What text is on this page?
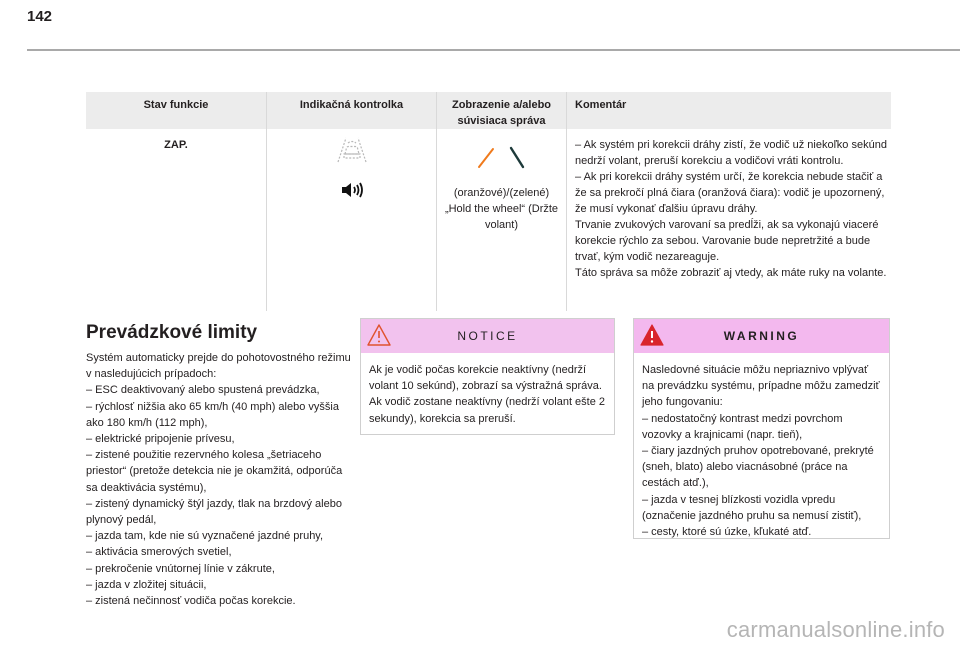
142
Stav funkcie	Indikačná kontrolka	Zobrazenie a/alebo
súvisiaca správa
Komentár
ZAP.
(oranžové)/(zelené)
„Hold the wheel“ (Držte volant)
– Ak systém pri korekcii dráhy zistí, že vodič už niekoľko sekúnd nedrží volant, preruší korekciu a vodičovi vráti kontrolu.
– Ak pri korekcii dráhy systém určí, že korekcia nebude stačiť a že sa prekročí plná čiara (oranžová čiara): vodič je upozornený, že musí vykonať ďalšiu úpravu dráhy.
Trvanie zvukových varovaní sa predĺži, ak sa vykonajú viaceré korekcie rýchlo za sebou. Varovanie bude nepretržité a bude trvať, kým vodič nezareaguje.
Táto správa sa môže zobraziť aj vtedy, ak máte ruky na volante.
Prevádzkové limity
Systém automaticky prejde do pohotovostného režimu v nasledujúcich prípadoch:
– ESC deaktivovaný alebo spustená prevádzka,
– rýchlosť nižšia ako 65 km/h (40 mph) alebo vyššia ako 180 km/h (112 mph),
– elektrické pripojenie prívesu,
– zistené použitie rezervného kolesa „šetriaceho priestor“ (pretože detekcia nie je okamžitá, odporúča sa deaktivácia systému),
– zistený dynamický štýl jazdy, tlak na brzdový alebo plynový pedál,
– jazda tam, kde nie sú vyznačené jazdné pruhy,
– aktivácia smerových svetiel,
– prekročenie vnútornej línie v zákrute,
– jazda v zložitej situácii,
– zistená nečinnosť vodiča počas korekcie.
NOTICE
Ak je vodič počas korekcie neaktívny (nedrží volant 10 sekúnd), zobrazí sa výstražná správa.
Ak vodič zostane neaktívny (nedrží volant ešte 2 sekundy), korekcia sa preruší.
WARNING
Nasledovné situácie môžu nepriaznivo vplývať na prevádzku systému, prípadne môžu zamedziť jeho fungovaniu:
– nedostatočný kontrast medzi povrchom vozovky a krajnicami (napr. tieň),
– čiary jazdných pruhov opotrebované, prekryté (sneh, blato) alebo viacnásobné (práce na cestách atď.),
– jazda v tesnej blízkosti vozidla vpredu (označenie jazdného pruhu sa nemusí zistiť),
– cesty, ktoré sú úzke, kľukaté atď.
carmanualsonline.info
